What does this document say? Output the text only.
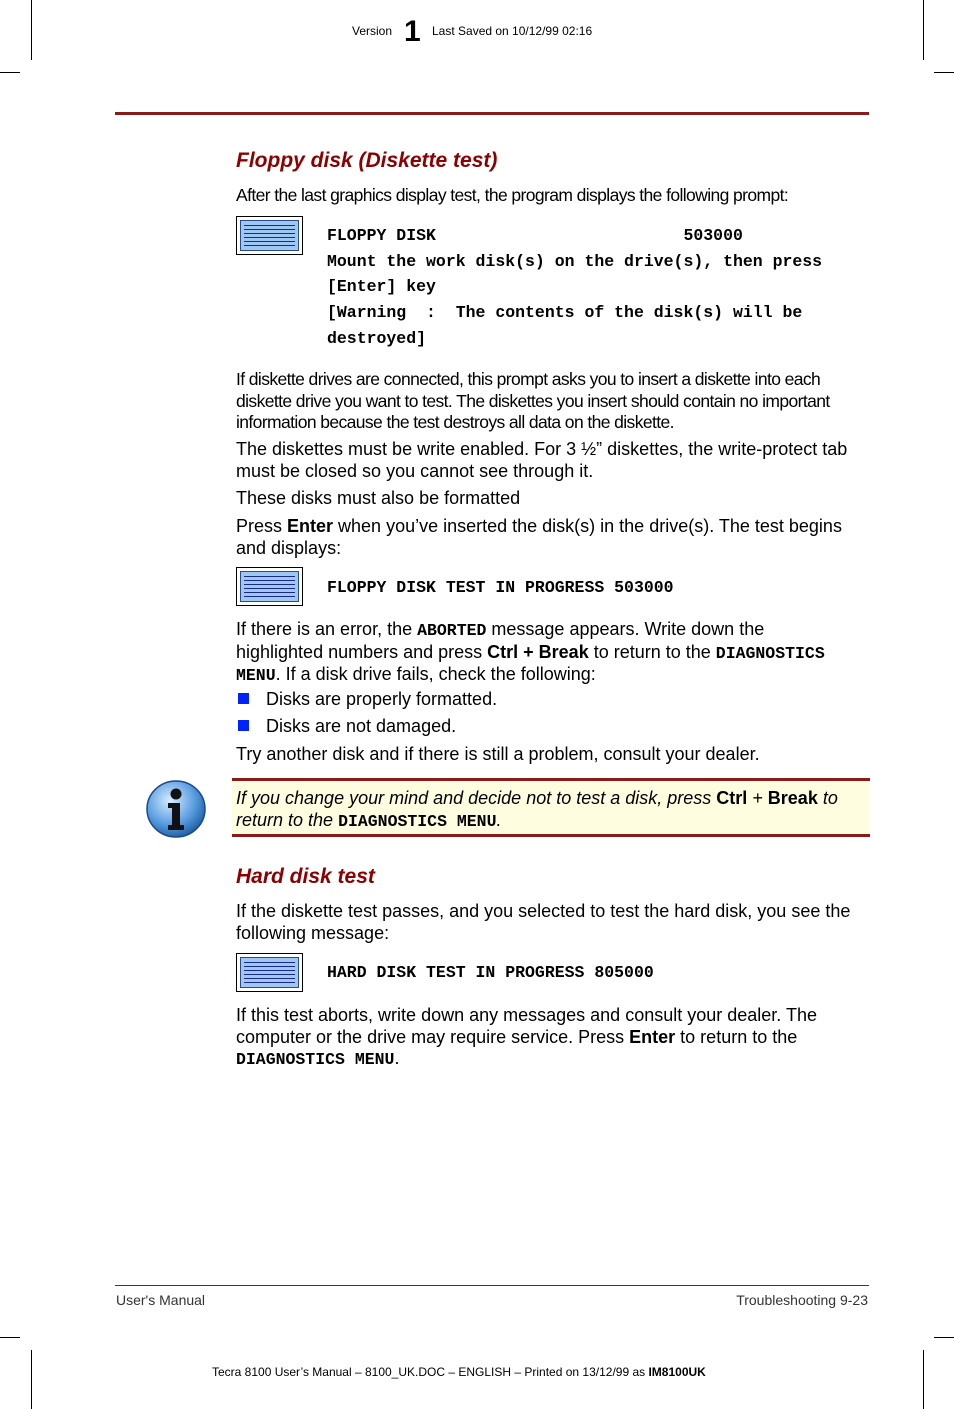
Version 1 Last Saved on 10/12/99 02:16
Floppy disk (Diskette test)

After the last graphics display test, the program displays the following prompt:

FLOPPY DISK                         503000
Mount the work disk(s) on the drive(s), then press
[Enter] key
[Warning  :  The contents of the disk(s) will be
destroyed]

If diskette drives are connected, this prompt asks you to insert a diskette into each diskette drive you want to test. The diskettes you insert should contain no important information because the test destroys all data on the diskette.

The diskettes must be write enabled. For 3 ½” diskettes, the write-protect tab must be closed so you cannot see through it.

These disks must also be formatted

Press Enter when you’ve inserted the disk(s) in the drive(s). The test begins and displays:

FLOPPY DISK TEST IN PROGRESS 503000

If there is an error, the ABORTED message appears. Write down the highlighted numbers and press Ctrl + Break to return to the DIAGNOSTICS MENU. If a disk drive fails, check the following:

Disks are properly formatted.
Disks are not damaged.

Try another disk and if there is still a problem, consult your dealer.

If you change your mind and decide not to test a disk, press Ctrl + Break to return to the DIAGNOSTICS MENU.
Hard disk test

If the diskette test passes, and you selected to test the hard disk, you see the following message:

HARD DISK TEST IN PROGRESS 805000

If this test aborts, write down any messages and consult your dealer. The computer or the drive may require service. Press Enter to return to the DIAGNOSTICS MENU.

User's Manual	Troubleshooting 9-23
Tecra 8100 User’s Manual – 8100_UK.DOC – ENGLISH – Printed on 13/12/99 as IM8100UK
